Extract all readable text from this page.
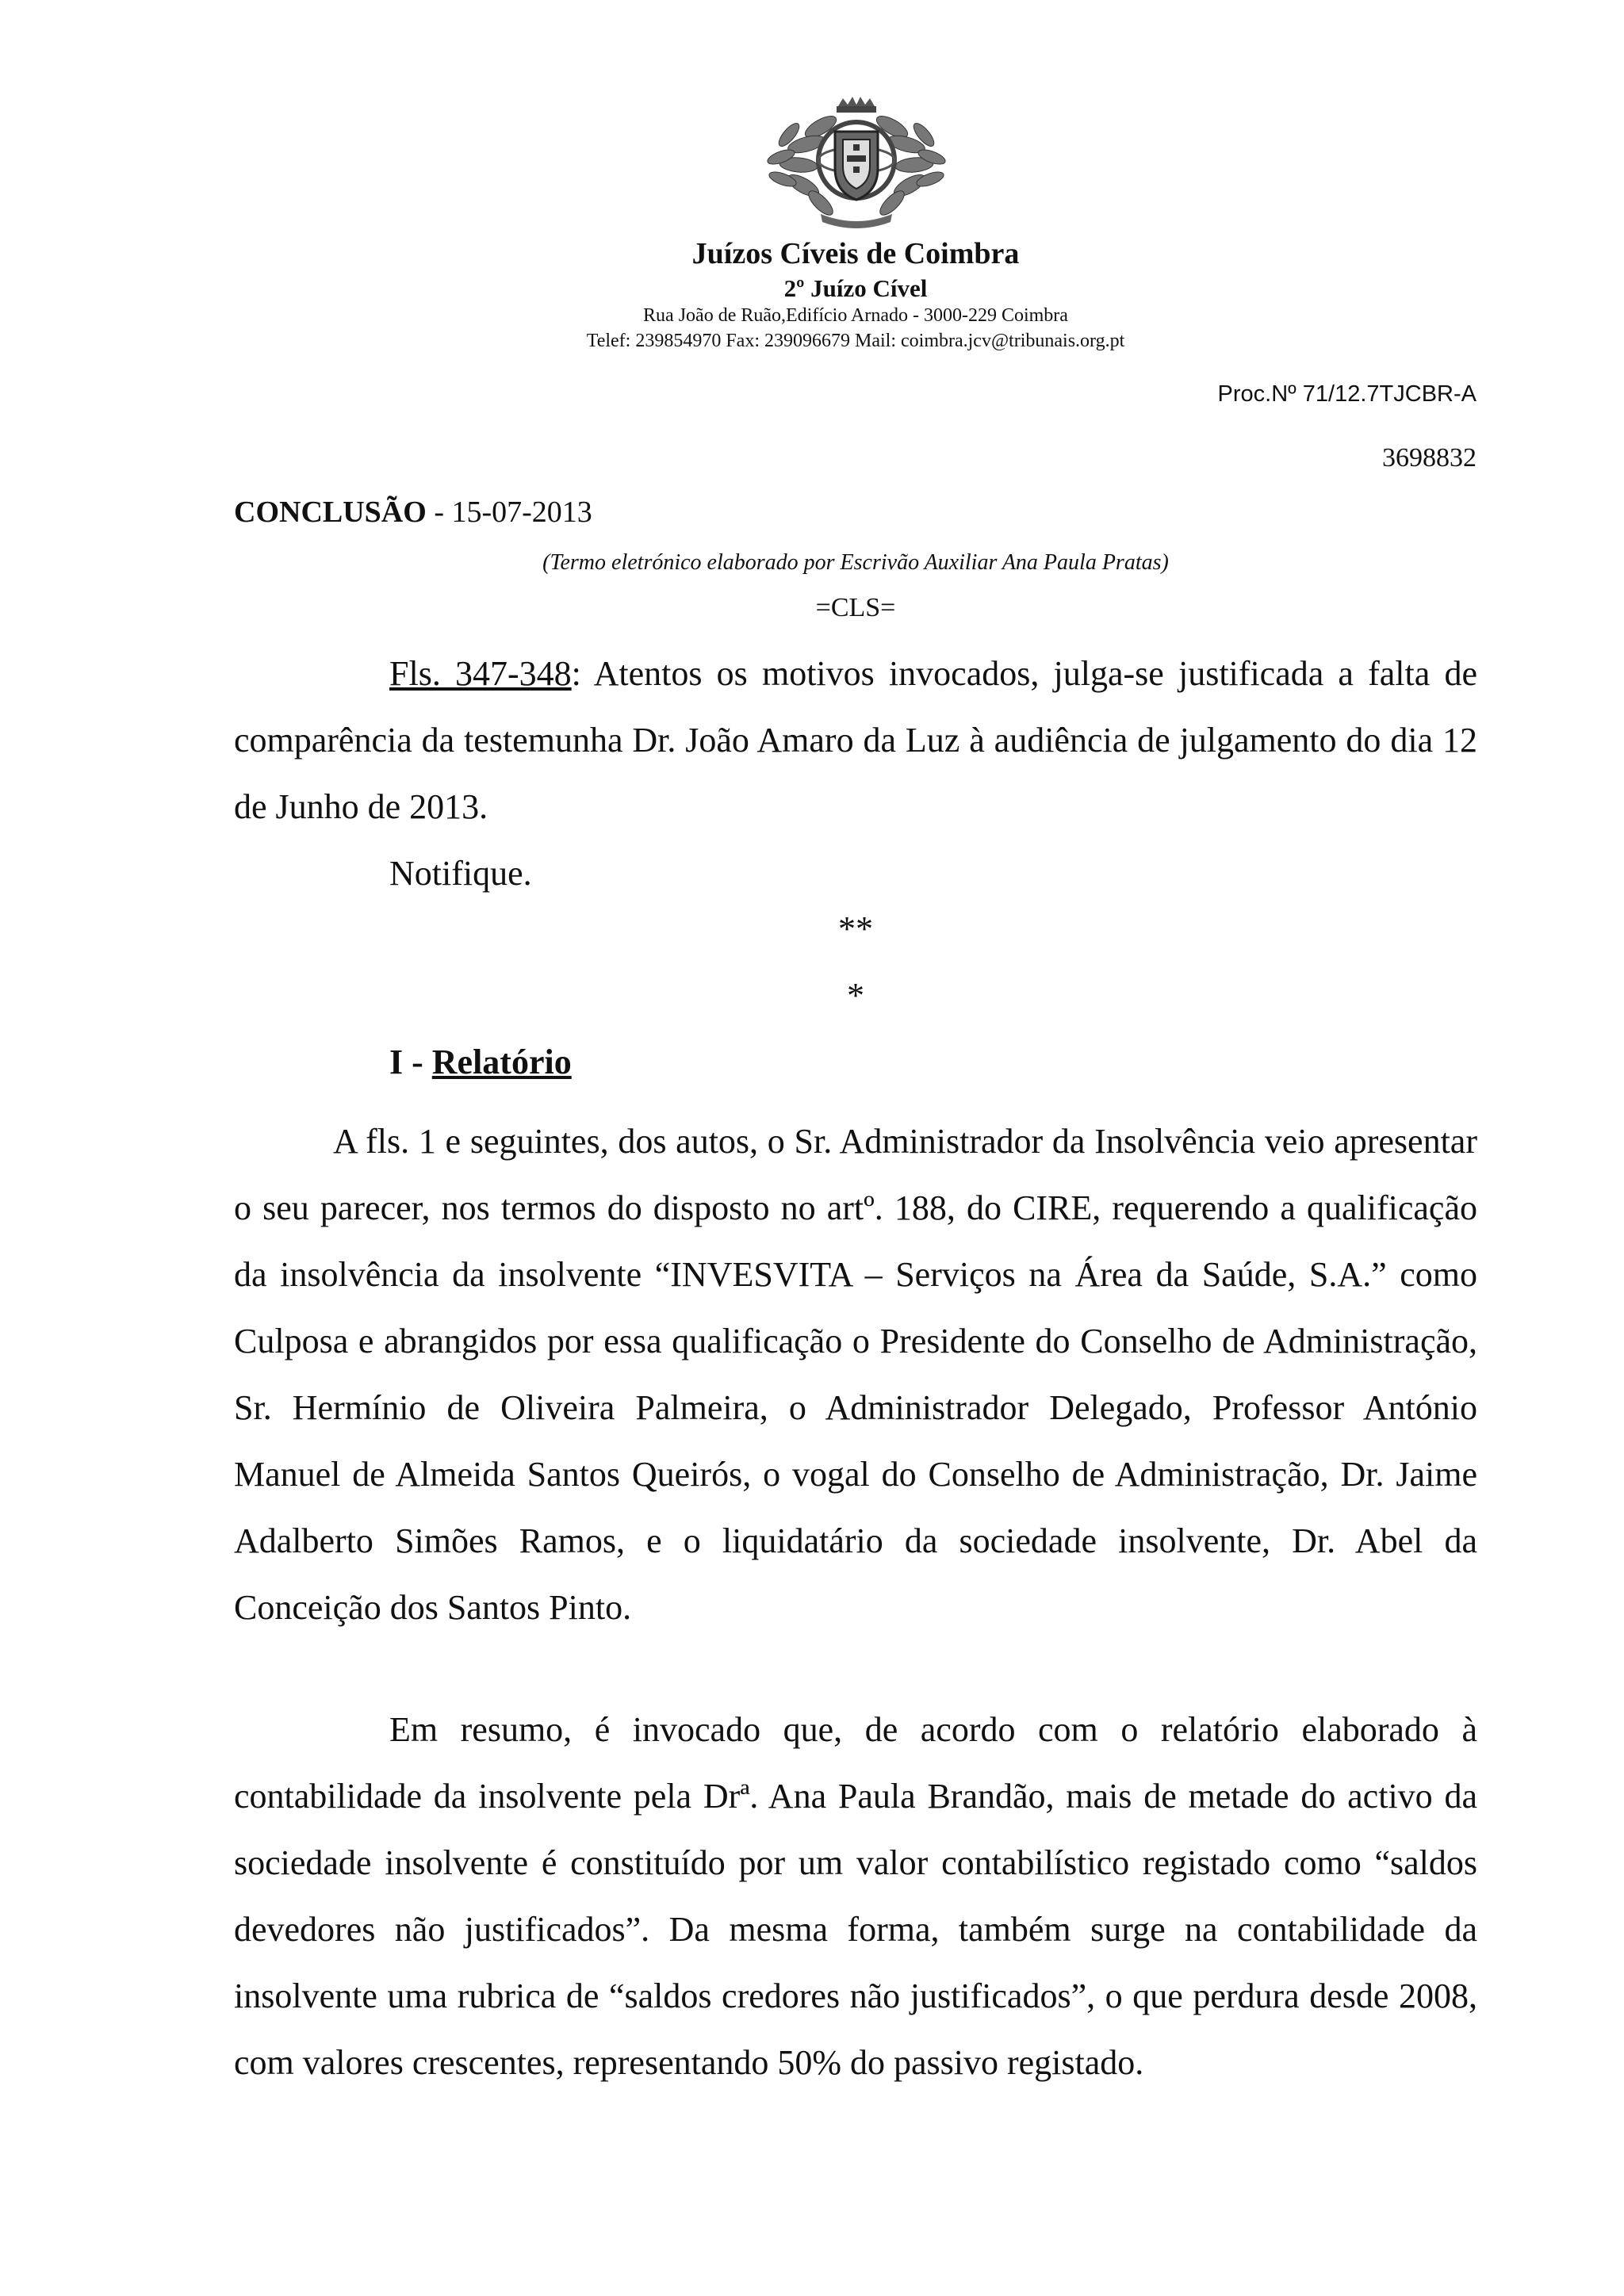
Juízos Cíveis de Coimbra
2º Juízo Cível
Rua João de Ruão,Edifício Arnado - 3000-229 Coimbra
Telef: 239854970 Fax: 239096679 Mail: coimbra.jcv@tribunais.org.pt
Proc.Nº 71/12.7TJCBR-A
3698832
CONCLUSÃO - 15-07-2013
(Termo eletrónico elaborado por Escrivão Auxiliar Ana Paula Pratas)
=CLS=

Fls. 347-348: Atentos os motivos invocados, julga-se justificada a falta de comparência da testemunha Dr. João Amaro da Luz à audiência de julgamento do dia 12 de Junho de 2013.

Notifique.
**
*
I - Relatório

A fls. 1 e seguintes, dos autos, o Sr. Administrador da Insolvência veio apresentar o seu parecer, nos termos do disposto no artº. 188, do CIRE, requerendo a qualificação da insolvência da insolvente “INVESVITA – Serviços na Área da Saúde, S.A.” como Culposa e abrangidos por essa qualificação o Presidente do Conselho de Administração, Sr. Hermínio de Oliveira Palmeira, o Administrador Delegado, Professor António Manuel de Almeida Santos Queirós, o vogal do Conselho de Administração, Dr. Jaime Adalberto Simões Ramos, e o liquidatário da sociedade insolvente, Dr. Abel da Conceição dos Santos Pinto.

Em resumo, é invocado que, de acordo com o relatório elaborado à contabilidade da insolvente pela Drª. Ana Paula Brandão, mais de metade do activo da sociedade insolvente é constituído por um valor contabilístico registado como “saldos devedores não justificados”. Da mesma forma, também surge na contabilidade da insolvente uma rubrica de “saldos credores não justificados”, o que perdura desde 2008, com valores crescentes, representando 50% do passivo registado.
